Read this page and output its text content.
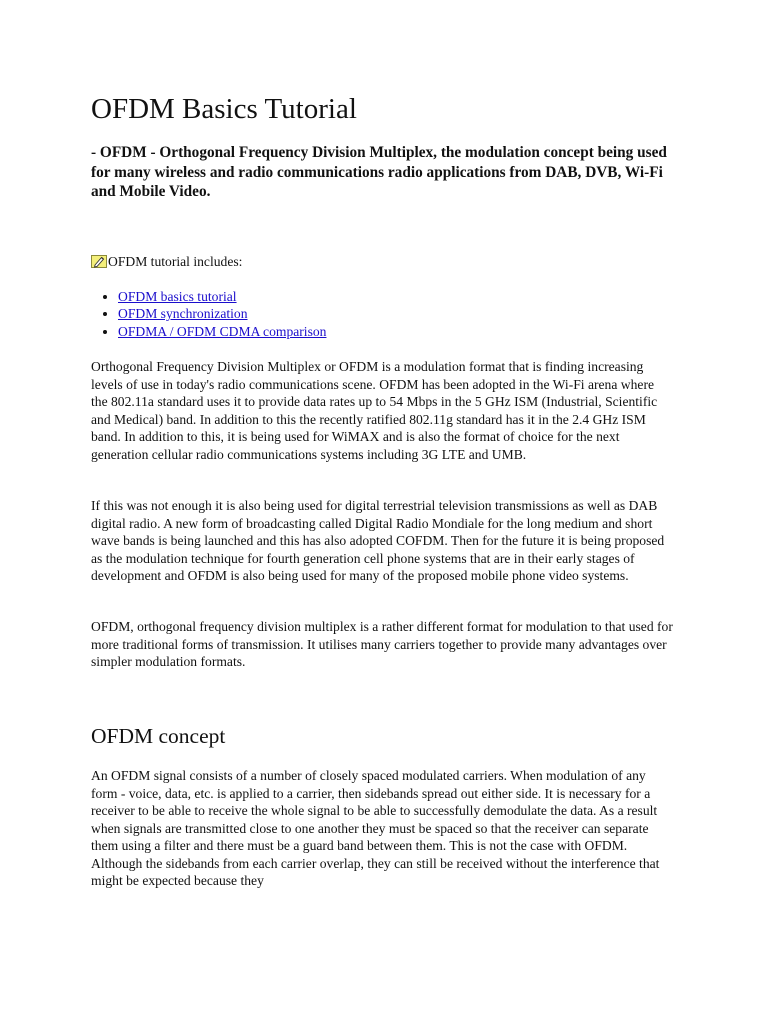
OFDM Basics Tutorial

- OFDM - Orthogonal Frequency Division Multiplex, the modulation concept being used for many wireless and radio communications radio applications from DAB, DVB, Wi-Fi and Mobile Video.

OFDM tutorial includes:

• OFDM basics tutorial
• OFDM synchronization
• OFDMA / OFDM CDMA comparison

Orthogonal Frequency Division Multiplex or OFDM is a modulation format that is finding increasing levels of use in today's radio communications scene. OFDM has been adopted in the Wi-Fi arena where the 802.11a standard uses it to provide data rates up to 54 Mbps in the 5 GHz ISM (Industrial, Scientific and Medical) band. In addition to this the recently ratified 802.11g standard has it in the 2.4 GHz ISM band. In addition to this, it is being used for WiMAX and is also the format of choice for the next generation cellular radio communications systems including 3G LTE and UMB.

If this was not enough it is also being used for digital terrestrial television transmissions as well as DAB digital radio. A new form of broadcasting called Digital Radio Mondiale for the long medium and short wave bands is being launched and this has also adopted COFDM. Then for the future it is being proposed as the modulation technique for fourth generation cell phone systems that are in their early stages of development and OFDM is also being used for many of the proposed mobile phone video systems.

OFDM, orthogonal frequency division multiplex is a rather different format for modulation to that used for more traditional forms of transmission. It utilises many carriers together to provide many advantages over simpler modulation formats.

OFDM concept

An OFDM signal consists of a number of closely spaced modulated carriers. When modulation of any form - voice, data, etc. is applied to a carrier, then sidebands spread out either side. It is necessary for a receiver to be able to receive the whole signal to be able to successfully demodulate the data. As a result when signals are transmitted close to one another they must be spaced so that the receiver can separate them using a filter and there must be a guard band between them. This is not the case with OFDM. Although the sidebands from each carrier overlap, they can still be received without the interference that might be expected because they
